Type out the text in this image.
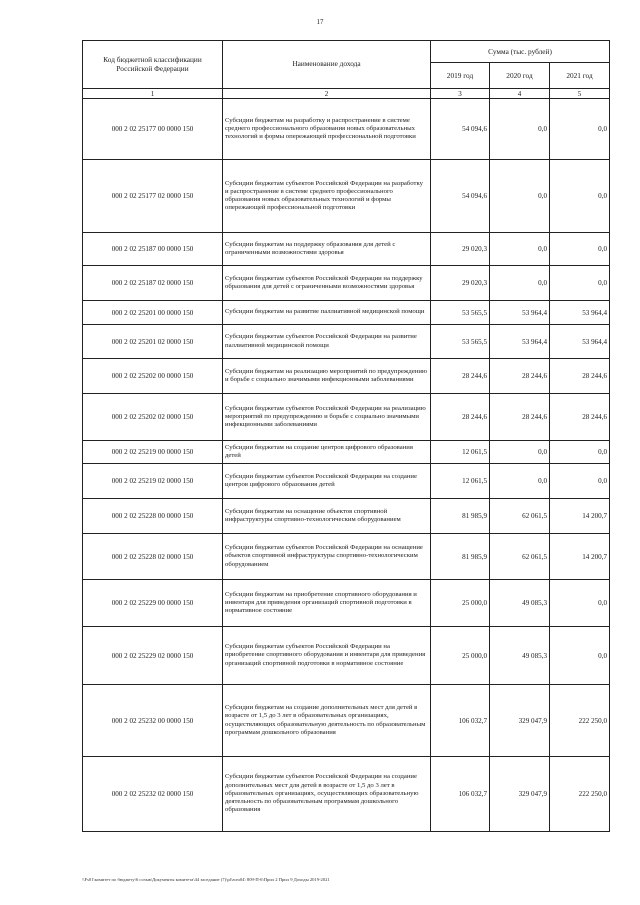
17
Код бюджетной классификации Российской Федерации	Наименование дохода	Сумма (тыс. рублей)		
		2019 год	2020 год	2021 год
1	2	3	4	5
000 2 02 25177 00 0000 150	Субсидии бюджетам на разработку и распространение в системе среднего профессионального образования новых образовательных технологий и формы опережающей профессиональной подготовки	54 094,6	0,0	0,0
000 2 02 25177 02 0000 150	Субсидии бюджетам субъектов Российской Федерации на разработку и распространение в системе среднего профессионального образования новых образовательных технологий и формы опережающей профессиональной подготовки	54 094,6	0,0	0,0
000 2 02 25187 00 0000 150	Субсидии бюджетам на поддержку образования для детей с ограниченными возможностями здоровья	29 020,3	0,0	0,0
000 2 02 25187 02 0000 150	Субсидии бюджетам субъектов Российской Федерации на поддержку образования для детей с ограниченными возможностями здоровья	29 020,3	0,0	0,0
000 2 02 25201 00 0000 150	Субсидии бюджетам на развитие паллиативной медицинской помощи	53 565,5	53 964,4	53 964,4
000 2 02 25201 02 0000 150	Субсидии бюджетам субъектов Российской Федерации на развитие паллиативной медицинской помощи	53 565,5	53 964,4	53 964,4
000 2 02 25202 00 0000 150	Субсидии бюджетам на реализацию мероприятий по предупреждению и борьбе с социально значимыми инфекционными заболеваниями	28 244,6	28 244,6	28 244,6
000 2 02 25202 02 0000 150	Субсидии бюджетам субъектов Российской Федерации на реализацию мероприятий по предупреждению и борьбе с социально значимыми инфекционными заболеваниями	28 244,6	28 244,6	28 244,6
000 2 02 25219 00 0000 150	Субсидии бюджетам на создание центров цифрового образования детей	12 061,5	0,0	0,0
000 2 02 25219 02 0000 150	Субсидии бюджетам субъектов Российской Федерации на создание центров цифрового образования детей	12 061,5	0,0	0,0
000 2 02 25228 00 0000 150	Субсидии бюджетам на оснащение объектов спортивной инфраструктуры спортивно-технологическим оборудованием	81 985,9	62 061,5	14 200,7
000 2 02 25228 02 0000 150	Субсидии бюджетам субъектов Российской Федерации на оснащение объектов спортивной инфраструктуры спортивно-технологическим оборудованием	81 985,9	62 061,5	14 200,7
000 2 02 25229 00 0000 150	Субсидии бюджетам на приобретение спортивного оборудования и инвентаря для приведения организаций спортивной подготовки в нормативное состояние	25 000,0	49 085,3	0,0
000 2 02 25229 02 0000 150	Субсидии бюджетам субъектов Российской Федерации на приобретение спортивного оборудования и инвентаря для приведения организаций спортивной подготовки в нормативное состояние	25 000,0	49 085,3	0,0
000 2 02 25232 00 0000 150	Субсидии бюджетам на создание дополнительных мест для детей в возрасте от 1,5 до 3 лет в образовательных организациях, осуществляющих образовательную деятельность по образовательным программам дошкольного образования	106 032,7	329 047,9	222 250,0
000 2 02 25232 02 0000 150	Субсидии бюджетам субъектов Российской Федерации на создание дополнительных мест для детей в возрасте от 1,5 до 3 лет в образовательных организациях, осуществляющих образовательную деятельность по образовательным программам дошкольного образования	106 032,7	329 047,9	222 250,0
\\Fs01\комитет по бюджету\6 созыв\Документы комитета\44 заседание (7)\pl\zcm04\ 809-П-6\Прил 2 Прил 9 Доходы 2019-2021
